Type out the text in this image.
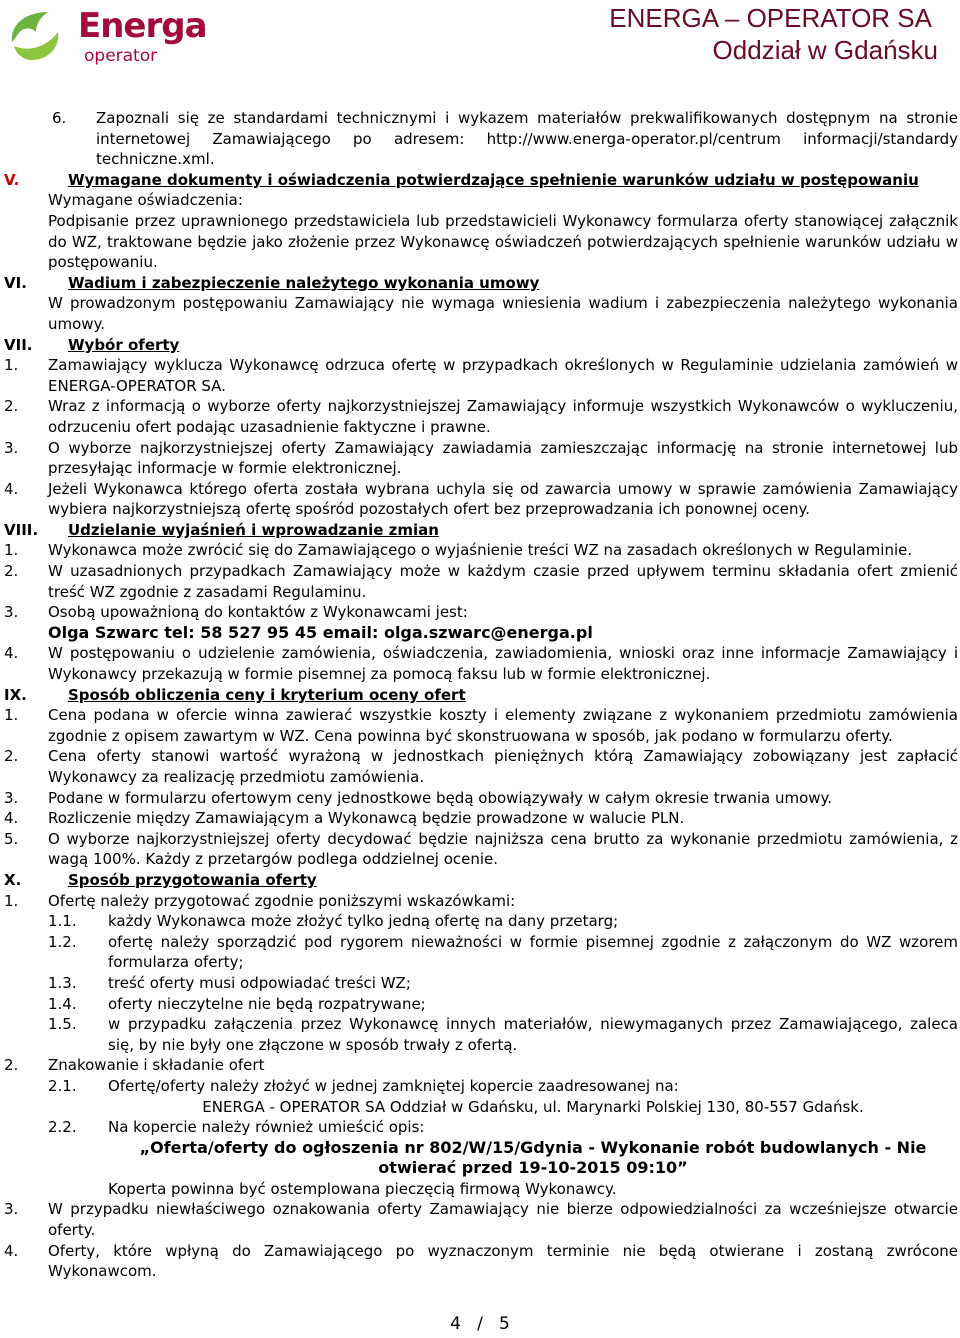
Energa
operator
ENERGA – OPERATOR SA
Oddział w Gdańsku
6.	Zapoznali się ze standardami technicznymi i wykazem materiałów prekwalifikowanych dostępnym na stronie internetowej Zamawiającego po adresem: http://www.energa-operator.pl/centrum informacji/standardy techniczne.xml.
V.	Wymagane dokumenty i oświadczenia potwierdzające spełnienie warunków udziału w postępowaniu
Wymagane oświadczenia:
Podpisanie przez uprawnionego przedstawiciela lub przedstawicieli Wykonawcy formularza oferty stanowiącej załącznik do WZ, traktowane będzie jako złożenie przez Wykonawcę oświadczeń potwierdzających spełnienie warunków udziału w postępowaniu.
VI.	Wadium i zabezpieczenie należytego wykonania umowy
W prowadzonym postępowaniu Zamawiający nie wymaga wniesienia wadium i zabezpieczenia należytego wykonania umowy.
VII.	Wybór oferty
1.	Zamawiający wyklucza Wykonawcę odrzuca ofertę w przypadkach określonych w Regulaminie udzielania zamówień w ENERGA-OPERATOR SA.
2.	Wraz z informacją o wyborze oferty najkorzystniejszej Zamawiający informuje wszystkich Wykonawców o wykluczeniu, odrzuceniu ofert podając uzasadnienie faktyczne i prawne.
3.	O wyborze najkorzystniejszej oferty Zamawiający zawiadamia zamieszczając informację na stronie internetowej lub przesyłając informacje w formie elektronicznej.
4.	Jeżeli Wykonawca którego oferta została wybrana uchyla się od zawarcia umowy w sprawie zamówienia Zamawiający wybiera najkorzystniejszą ofertę spośród pozostałych ofert bez przeprowadzania ich ponownej oceny.
VIII.	Udzielanie wyjaśnień i wprowadzanie zmian
1.	Wykonawca może zwrócić się do Zamawiającego o wyjaśnienie treści WZ na zasadach określonych w Regulaminie.
2.	W uzasadnionych przypadkach Zamawiający może w każdym czasie przed upływem terminu składania ofert zmienić treść WZ zgodnie z zasadami Regulaminu.
3.	Osobą upoważnioną do kontaktów z Wykonawcami jest:
Olga Szwarc tel: 58 527 95 45 email: olga.szwarc@energa.pl
4.	W postępowaniu o udzielenie zamówienia, oświadczenia, zawiadomienia, wnioski oraz inne informacje Zamawiający i Wykonawcy przekazują w formie pisemnej za pomocą faksu lub w formie elektronicznej.
IX.	Sposób obliczenia ceny i kryterium oceny ofert
1.	Cena podana w ofercie winna zawierać wszystkie koszty i elementy związane z wykonaniem przedmiotu zamówienia zgodnie z opisem zawartym w WZ. Cena powinna być skonstruowana w sposób, jak podano w formularzu oferty.
2.	Cena oferty stanowi wartość wyrażoną w jednostkach pieniężnych którą Zamawiający zobowiązany jest zapłacić Wykonawcy za realizację przedmiotu zamówienia.
3.	Podane w formularzu ofertowym ceny jednostkowe będą obowiązywały w całym okresie trwania umowy.
4.	Rozliczenie między Zamawiającym a Wykonawcą będzie prowadzone w walucie PLN.
5.	O wyborze najkorzystniejszej oferty decydować będzie najniższa cena brutto za wykonanie przedmiotu zamówienia, z wagą 100%. Każdy z przetargów podlega oddzielnej ocenie.
X.	Sposób przygotowania oferty
1.	Ofertę należy przygotować zgodnie poniższymi wskazówkami:
1.1.	każdy Wykonawca może złożyć tylko jedną ofertę na dany przetarg;
1.2.	ofertę należy sporządzić pod rygorem nieważności w formie pisemnej zgodnie z załączonym do WZ wzorem formularza oferty;
1.3.	treść oferty musi odpowiadać treści WZ;
1.4.	oferty nieczytelne nie będą rozpatrywane;
1.5.	w przypadku załączenia przez Wykonawcę innych materiałów, niewymaganych przez Zamawiającego, zaleca się, by nie były one złączone w sposób trwały z ofertą.
2.	Znakowanie i składanie ofert
2.1.	Ofertę/oferty należy złożyć w jednej zamkniętej kopercie zaadresowanej na:
ENERGA - OPERATOR SA Oddział w Gdańsku, ul. Marynarki Polskiej 130, 80-557 Gdańsk.
2.2.	Na kopercie należy również umieścić opis:
„Oferta/oferty do ogłoszenia nr 802/W/15/Gdynia - Wykonanie robót budowlanych - Nie
otwierać przed 19-10-2015 09:10”
Koperta powinna być ostemplowana pieczęcią firmową Wykonawcy.
3.	W przypadku niewłaściwego oznakowania oferty Zamawiający nie bierze odpowiedzialności za wcześniejsze otwarcie oferty.
4.	Oferty, które wpłyną do Zamawiającego po wyznaczonym terminie nie będą otwierane i zostaną zwrócone Wykonawcom.
4   /   5
